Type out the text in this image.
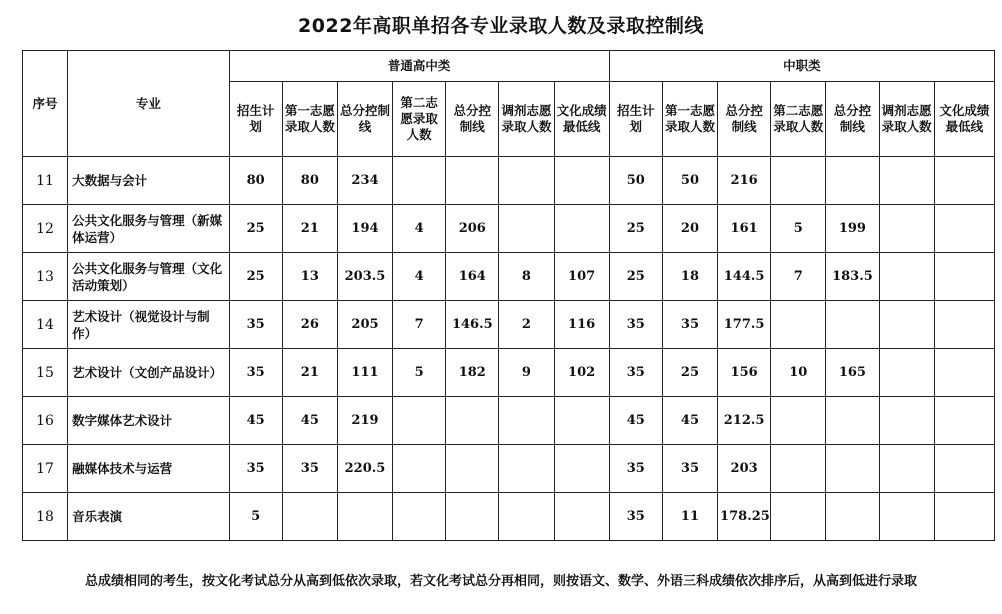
2022年高职单招各专业录取人数及录取控制线
序号	专业	普通高中类							中职类						
		招生计划	第一志愿录取人数	总分控制线	第二志愿录取人数	总分控制线	调剂志愿录取人数	文化成绩最低线	招生计划	第一志愿录取人数	总分控制线	第二志愿录取人数	总分控制线	调剂志愿录取人数	文化成绩最低线
11	大数据与会计	80	80	234					50	50	216				
12	公共文化服务与管理（新媒体运营）	25	21	194	4	206			25	20	161	5	199		
13	公共文化服务与管理（文化活动策划）	25	13	203.5	4	164	8	107	25	18	144.5	7	183.5		
14	艺术设计（视觉设计与制作）	35	26	205	7	146.5	2	116	35	35	177.5				
15	艺术设计（文创产品设计）	35	21	111	5	182	9	102	35	25	156	10	165		
16	数字媒体艺术设计	45	45	219					45	45	212.5				
17	融媒体技术与运营	35	35	220.5					35	35	203				
18	音乐表演	5							35	11	178.25				
总成绩相同的考生，按文化考试总分从高到低依次录取，若文化考试总分再相同，则按语文、数学、外语三科成绩依次排序后，从高到低进行录取
